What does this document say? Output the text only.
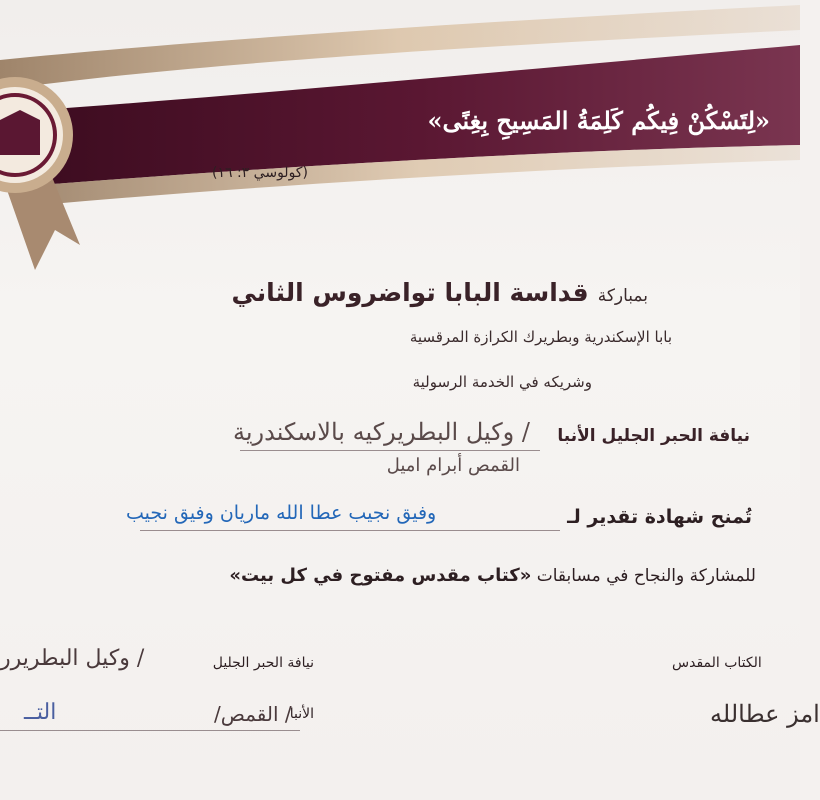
«لِتَسْكُنْ فِيكُم كَلِمَةُ المَسِيحِ بِغِنًى»
(كولوسي ٣: ١٦)
بمباركة قداسة البابا تواضروس الثاني
بابا الإسكندرية وبطريرك الكرازة المرقسية
وشريكه في الخدمة الرسولية
نيافة الحبر الجليل الأنبا
/ وكيل البطريركيه بالاسكندرية
القمص أبرام اميل
تُمنح شهادة تقدير لـ
وفيق نجيب عطا الله ماريان وفيق نجيب
للمشاركة والنجاح في مسابقات «كتاب مقدس مفتوح في كل بيت»
نيافة الحبر الجليل
/ وكيل البطريرر
الأنبا
/ القمص/
التــ
الكتاب المقدس
امز عطالله
